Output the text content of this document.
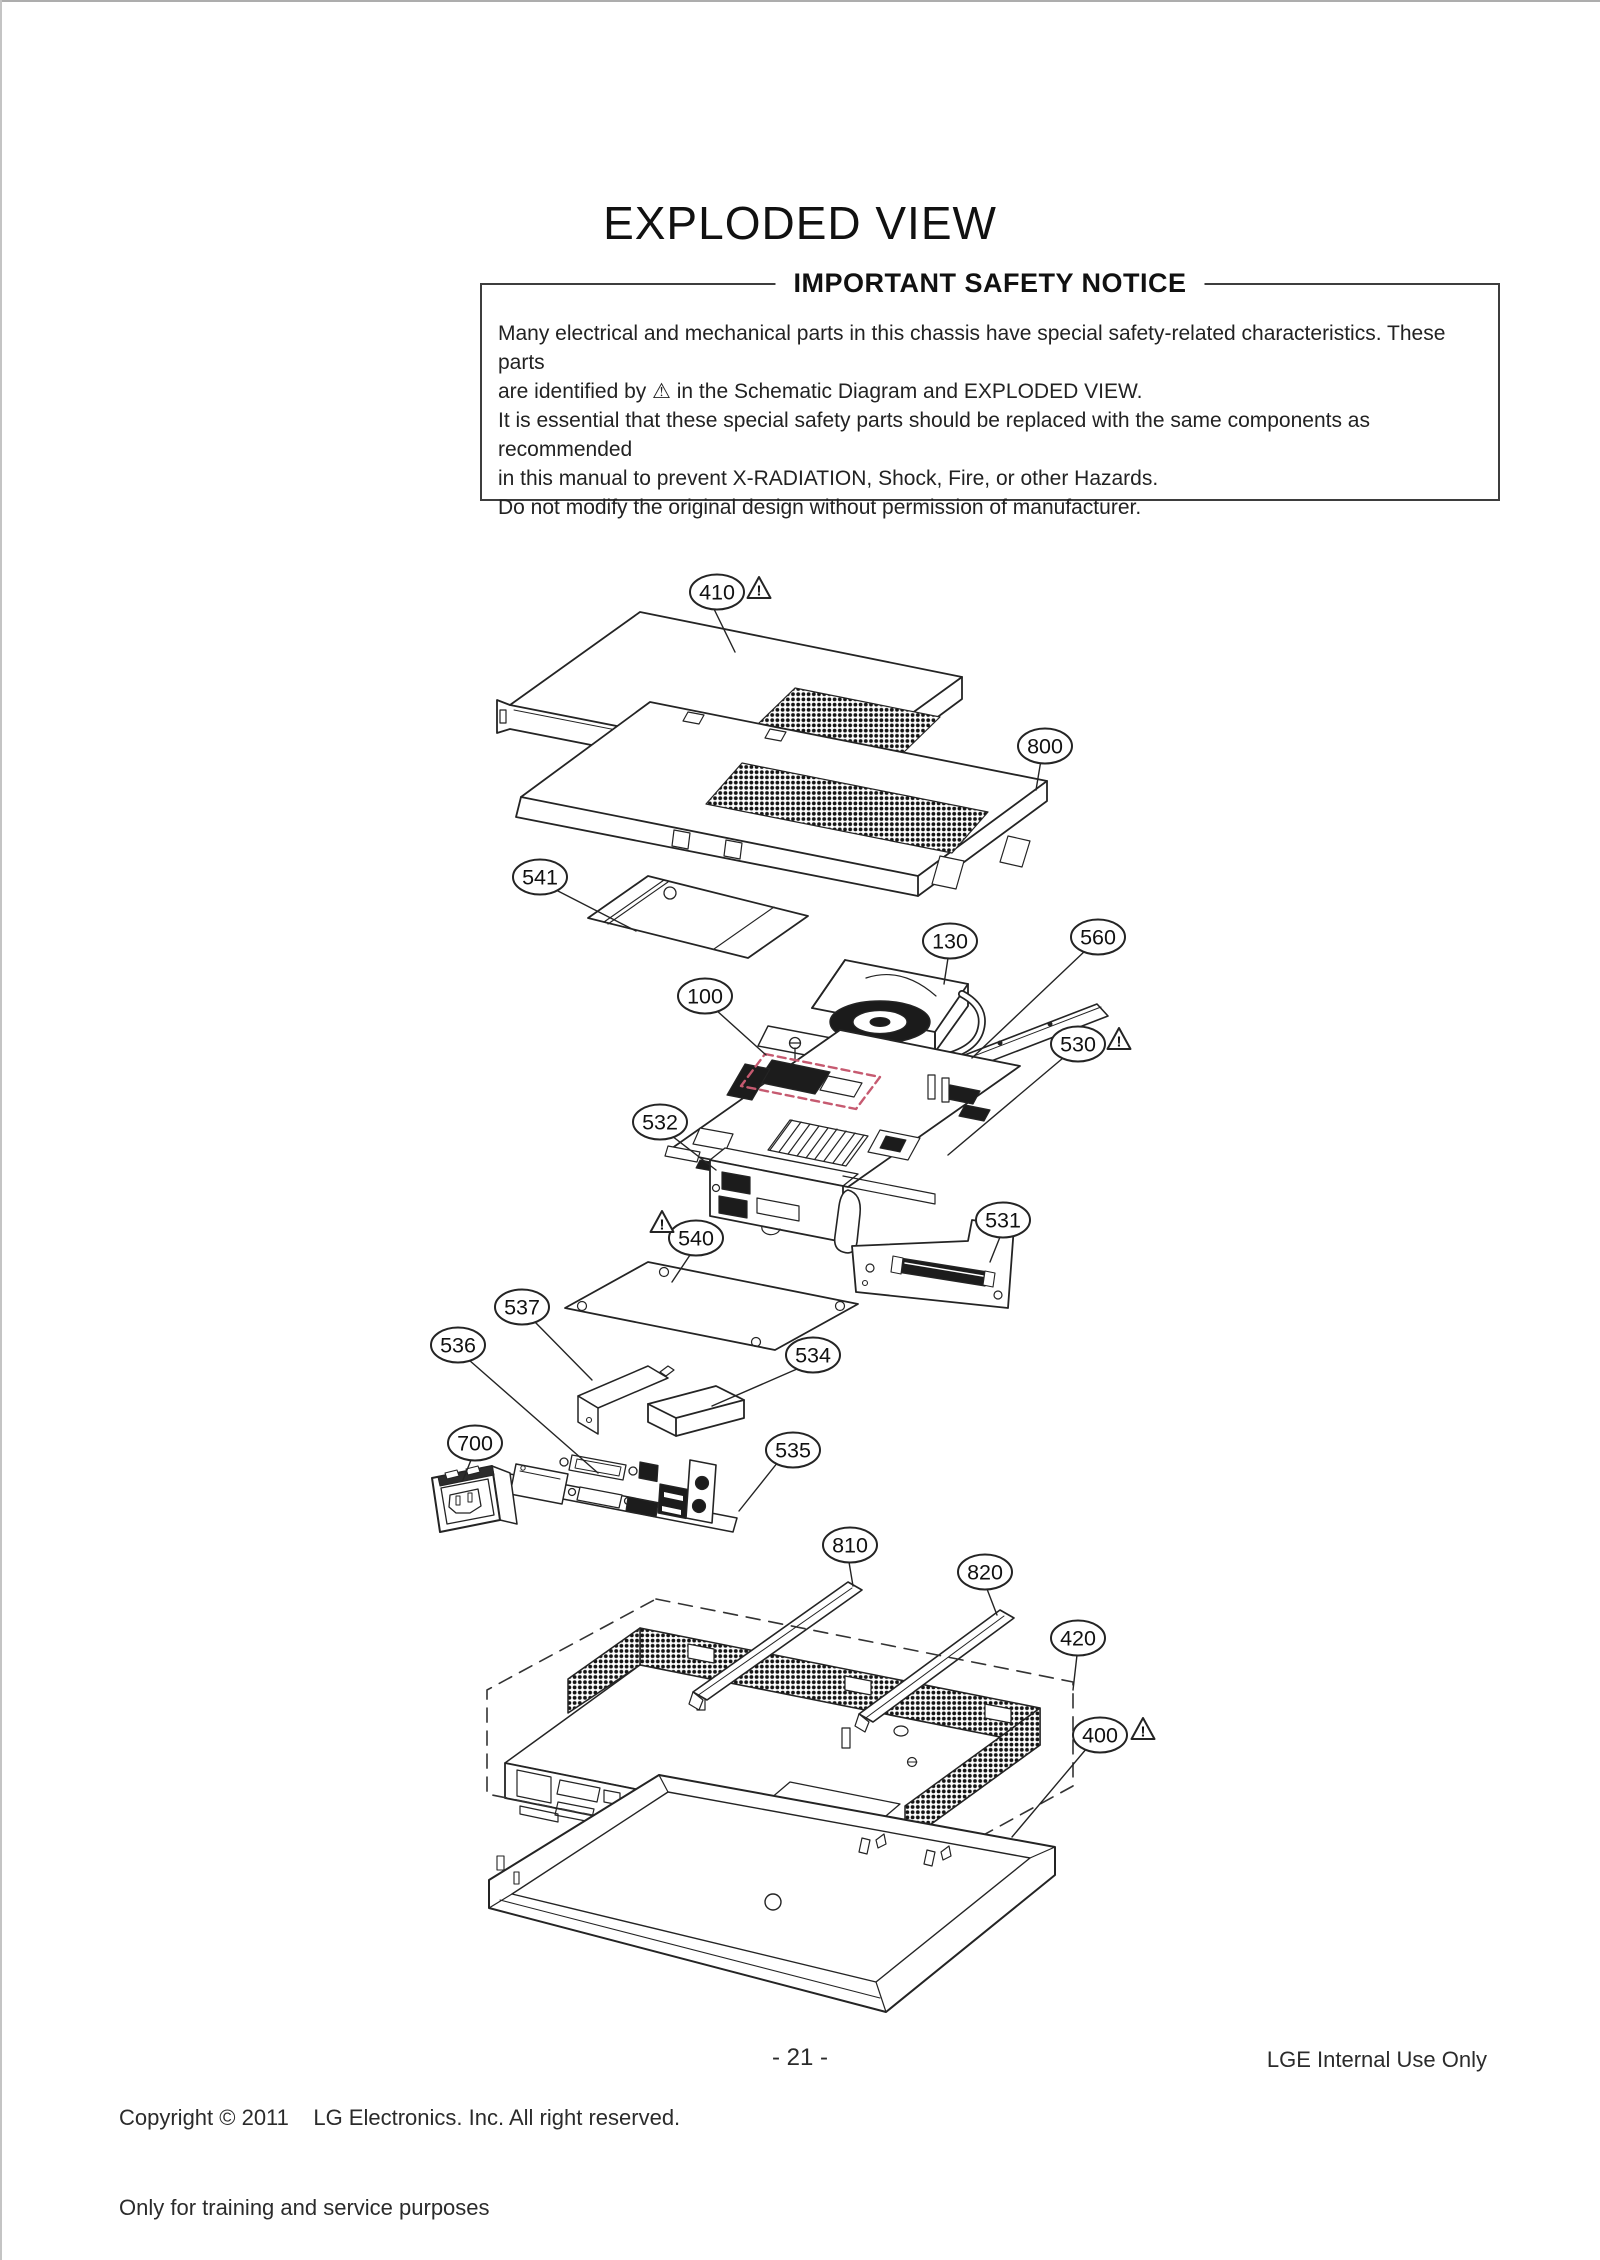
EXPLODED VIEW
IMPORTANT SAFETY NOTICE
Many electrical and mechanical parts in this chassis have special safety-related characteristics. These parts
are identified by ⚠ in the Schematic Diagram and EXPLODED VIEW.
It is essential that these special safety parts should be replaced with the same components as recommended
in this manual to prevent X-RADIATION, Shock, Fire, or other Hazards.
Do not modify the original design without permission of manufacturer.
410 !
800
541
130	560
100
530 !
532
540
!	531
537
536	534
700	535
810
820
420
400 !

Copyright © 2011    LG Electronics. Inc. All right reserved.

Only for training and service purposes

- 21 -	LGE Internal Use Only
